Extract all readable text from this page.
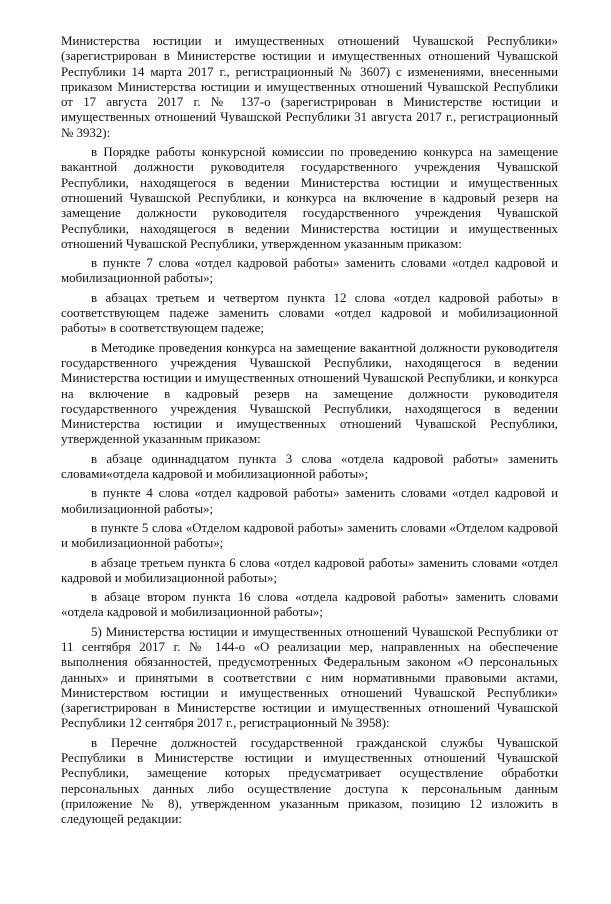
Министерства юстиции и имущественных отношений Чувашской Республики» (зарегистрирован в Министерстве юстиции и имущественных отношений Чувашской Республики 14 марта 2017 г., регистрационный № 3607) с изменениями, внесенными приказом Министерства юстиции и имущественных отношений Чувашской Республики от 17 августа 2017 г. № 137-о (зарегистрирован в Министерстве юстиции и имущественных отношений Чувашской Республики 31 августа 2017 г., регистрационный № 3932):

в Порядке работы конкурсной комиссии по проведению конкурса на замещение вакантной должности руководителя государственного учреждения Чувашской Республики, находящегося в ведении Министерства юстиции и имущественных отношений Чувашской Республики, и конкурса на включение в кадровый резерв на замещение должности руководителя государственного учреждения Чувашской Республики, находящегося в ведении Министерства юстиции и имущественных отношений Чувашской Республики, утвержденном указанным приказом:

в пункте 7 слова «отдел кадровой работы» заменить словами «отдел кадровой и мобилизационной работы»;

в абзацах третьем и четвертом пункта 12 слова «отдел кадровой работы» в соответствующем падеже заменить словами «отдел кадровой и мобилизационной работы» в соответствующем падеже;

в Методике проведения конкурса на замещение вакантной должности руководителя государственного учреждения Чувашской Республики, находящегося в ведении Министерства юстиции и имущественных отношений Чувашской Республики, и конкурса на включение в кадровый резерв на замещение должности руководителя государственного учреждения Чувашской Республики, находящегося в ведении Министерства юстиции и имущественных отношений Чувашской Республики, утвержденной указанным приказом:

в абзаце одиннадцатом пункта 3 слова «отдела кадровой работы» заменить словами«отдела кадровой и мобилизационной работы»;

в пункте 4 слова «отдел кадровой работы» заменить словами «отдел кадровой и мобилизационной работы»;

в пункте 5 слова «Отделом кадровой работы» заменить словами «Отделом кадровой и мобилизационной работы»;

в абзаце третьем пункта 6 слова «отдел кадровой работы» заменить словами «отдел кадровой и мобилизационной работы»;

в абзаце втором пункта 16 слова «отдела кадровой работы» заменить словами «отдела кадровой и мобилизационной работы»;

5) Министерства юстиции и имущественных отношений Чувашской Республики от 11 сентября 2017 г. № 144-о «О реализации мер, направленных на обеспечение выполнения обязанностей, предусмотренных Федеральным законом «О персональных данных» и принятыми в соответствии с ним нормативными правовыми актами, Министерством юстиции и имущественных отношений Чувашской Республики» (зарегистрирован в Министерстве юстиции и имущественных отношений Чувашской Республики 12 сентября 2017 г., регистрационный № 3958):

в Перечне должностей государственной гражданской службы Чувашской Республики в Министерстве юстиции и имущественных отношений Чувашской Республики, замещение которых предусматривает осуществление обработки персональных данных либо осуществление доступа к персональным данным (приложение № 8), утвержденном указанным приказом, позицию 12 изложить в следующей редакции:
